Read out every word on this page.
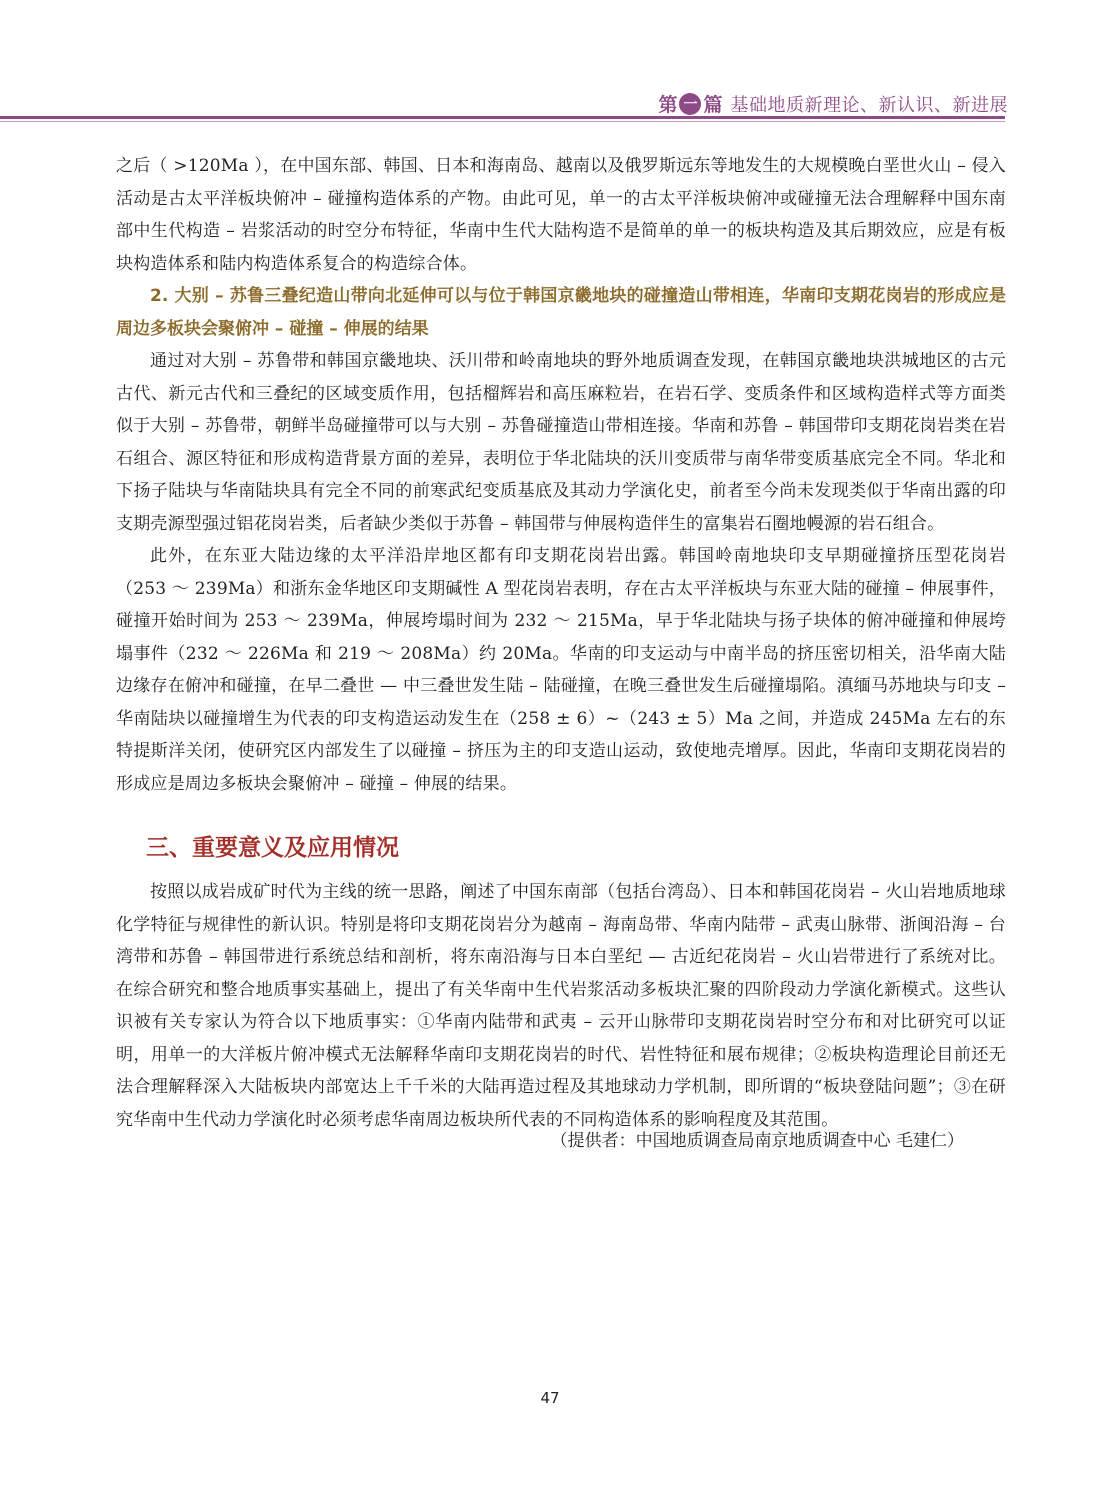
第 一 篇 基础地质新理论、新认识、新进展

之后（ >120Ma ），在中国东部、韩国、日本和海南岛、越南以及俄罗斯远东等地发生的大规模晚白垩世火山 – 侵入活动是古太平洋板块俯冲 – 碰撞构造体系的产物。由此可见，单一的古太平洋板块俯冲或碰撞无法合理解释中国东南部中生代构造 – 岩浆活动的时空分布特征，华南中生代大陆构造不是简单的单一的板块构造及其后期效应，应是有板块构造体系和陆内构造体系复合的构造综合体。

2. 大别 – 苏鲁三叠纪造山带向北延伸可以与位于韩国京畿地块的碰撞造山带相连，华南印支期花岗岩的形成应是周边多板块会聚俯冲 – 碰撞 – 伸展的结果

通过对大别 – 苏鲁带和韩国京畿地块、沃川带和岭南地块的野外地质调查发现，在韩国京畿地块洪城地区的古元古代、新元古代和三叠纪的区域变质作用，包括榴辉岩和高压麻粒岩，在岩石学、变质条件和区域构造样式等方面类似于大别 – 苏鲁带，朝鲜半岛碰撞带可以与大别 – 苏鲁碰撞造山带相连接。华南和苏鲁 – 韩国带印支期花岗岩类在岩石组合、源区特征和形成构造背景方面的差异，表明位于华北陆块的沃川变质带与南华带变质基底完全不同。华北和下扬子陆块与华南陆块具有完全不同的前寒武纪变质基底及其动力学演化史，前者至今尚未发现类似于华南出露的印支期壳源型强过铝花岗岩类，后者缺少类似于苏鲁 – 韩国带与伸展构造伴生的富集岩石圈地幔源的岩石组合。

此外，在东亚大陆边缘的太平洋沿岸地区都有印支期花岗岩出露。韩国岭南地块印支早期碰撞挤压型花岗岩（253 ～ 239Ma）和浙东金华地区印支期碱性 A 型花岗岩表明，存在古太平洋板块与东亚大陆的碰撞 – 伸展事件，碰撞开始时间为 253 ～ 239Ma，伸展垮塌时间为 232 ～ 215Ma，早于华北陆块与扬子块体的俯冲碰撞和伸展垮塌事件（232 ～ 226Ma 和 219 ～ 208Ma）约 20Ma。华南的印支运动与中南半岛的挤压密切相关，沿华南大陆边缘存在俯冲和碰撞，在早二叠世 — 中三叠世发生陆 – 陆碰撞，在晚三叠世发生后碰撞塌陷。滇缅马苏地块与印支 – 华南陆块以碰撞增生为代表的印支构造运动发生在（258 ± 6）~（243 ± 5）Ma 之间，并造成 245Ma 左右的东特提斯洋关闭，使研究区内部发生了以碰撞 – 挤压为主的印支造山运动，致使地壳增厚。因此，华南印支期花岗岩的形成应是周边多板块会聚俯冲 – 碰撞 – 伸展的结果。

三、重要意义及应用情况

按照以成岩成矿时代为主线的统一思路，阐述了中国东南部（包括台湾岛）、日本和韩国花岗岩 – 火山岩地质地球化学特征与规律性的新认识。特别是将印支期花岗岩分为越南 – 海南岛带、华南内陆带 – 武夷山脉带、浙闽沿海 – 台湾带和苏鲁 – 韩国带进行系统总结和剖析，将东南沿海与日本白垩纪 — 古近纪花岗岩 – 火山岩带进行了系统对比。在综合研究和整合地质事实基础上，提出了有关华南中生代岩浆活动多板块汇聚的四阶段动力学演化新模式。这些认识被有关专家认为符合以下地质事实：①华南内陆带和武夷 – 云开山脉带印支期花岗岩时空分布和对比研究可以证明，用单一的大洋板片俯冲模式无法解释华南印支期花岗岩的时代、岩性特征和展布规律；②板块构造理论目前还无法合理解释深入大陆板块内部宽达上千千米的大陆再造过程及其地球动力学机制，即所谓的“板块登陆问题”；③在研究华南中生代动力学演化时必须考虑华南周边板块所代表的不同构造体系的影响程度及其范围。

（提供者：中国地质调查局南京地质调查中心 毛建仁）
47
